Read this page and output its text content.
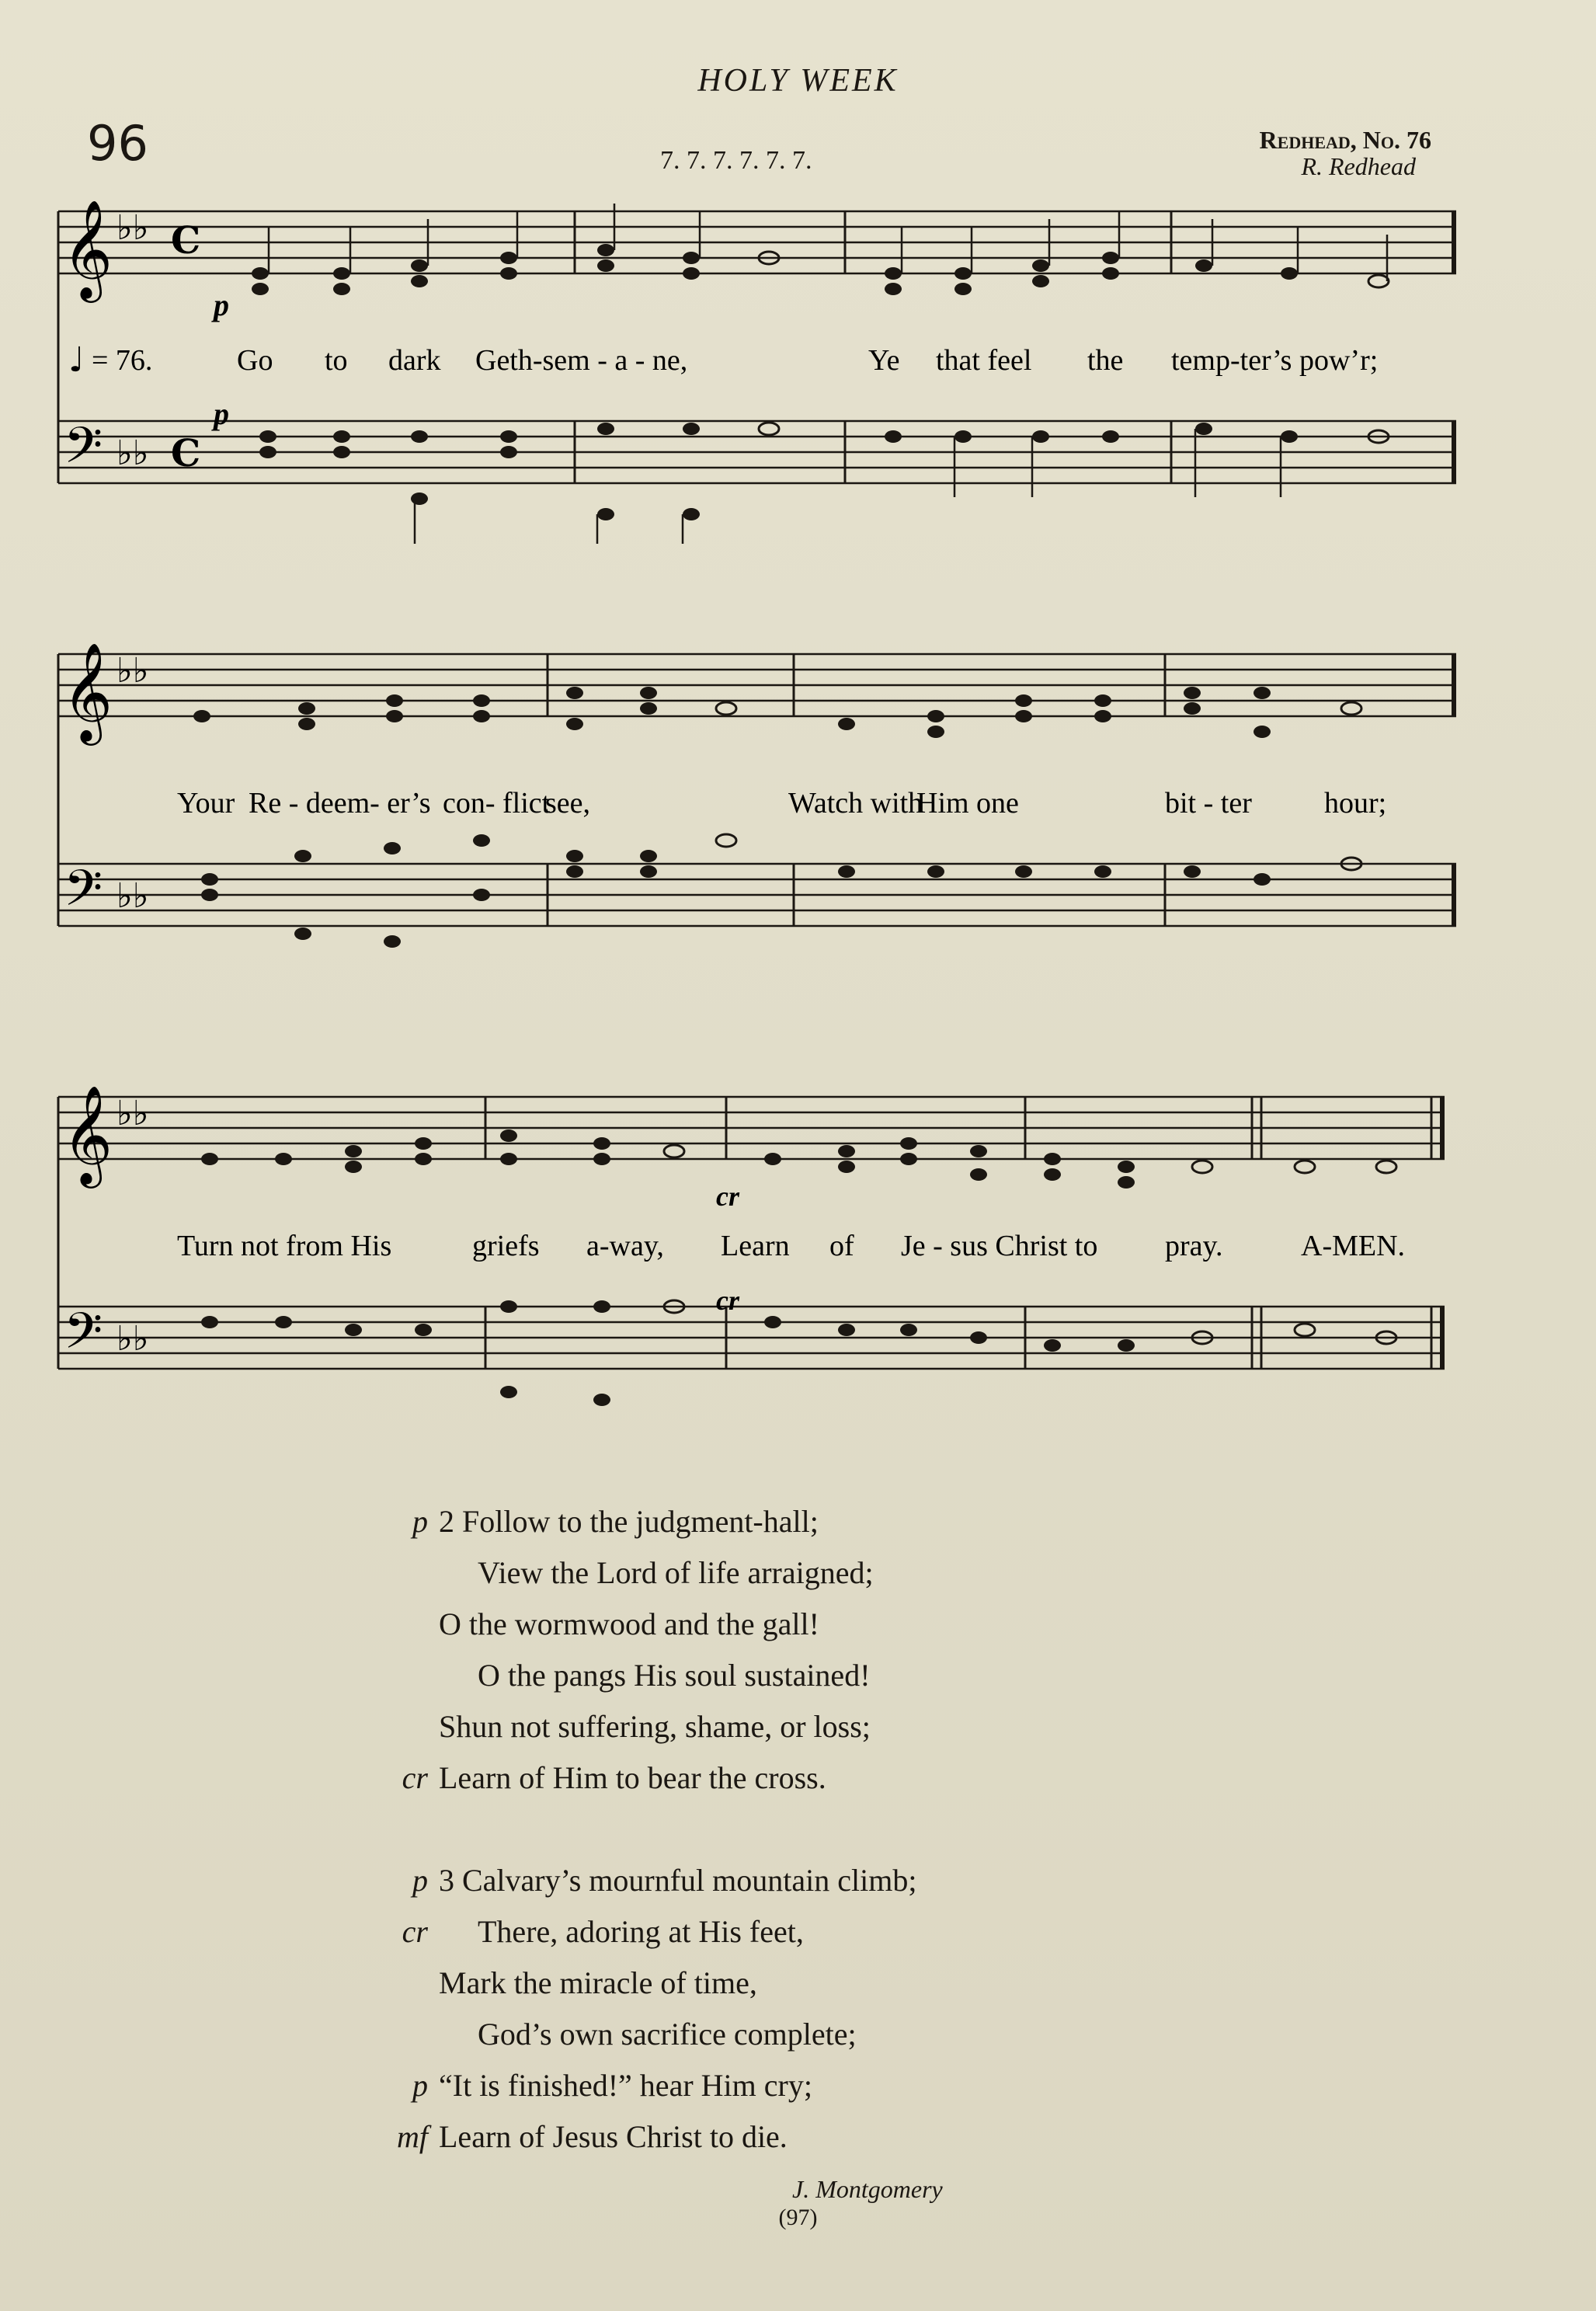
HOLY WEEK
96	7. 7. 7. 7. 7. 7.
Redhead, No. 76
R. Redhead
𝄞
𝄢
♭♭
♭♭
C
C
p
p
♩ = 76.	Go to dark Geth-sem - a - ne,	Ye that feel the temp-ter’s pow’r;
𝄞
𝄢
♭♭
♭♭
Your Re - deem- er’s con- flict
see,	Watch with
Him one	bit - ter hour;
𝄞
𝄢
♭♭
♭♭
cr
cr
Turn not from His	griefs a-way, Learn of Je - sus Christ to pray.	A-MEN.
p 2 Follow to the judgment-hall;
View the Lord of life arraigned;
O the wormwood and the gall!
O the pangs His soul sustained!
Shun not suffering, shame, or loss;
cr Learn of Him to bear the cross.
p 3 Calvary’s mournful mountain climb;
cr There, adoring at His feet,
Mark the miracle of time,
God’s own sacrifice complete;
p “It is finished!” hear Him cry;
mf Learn of Jesus Christ to die.
J. Montgomery
(97)
